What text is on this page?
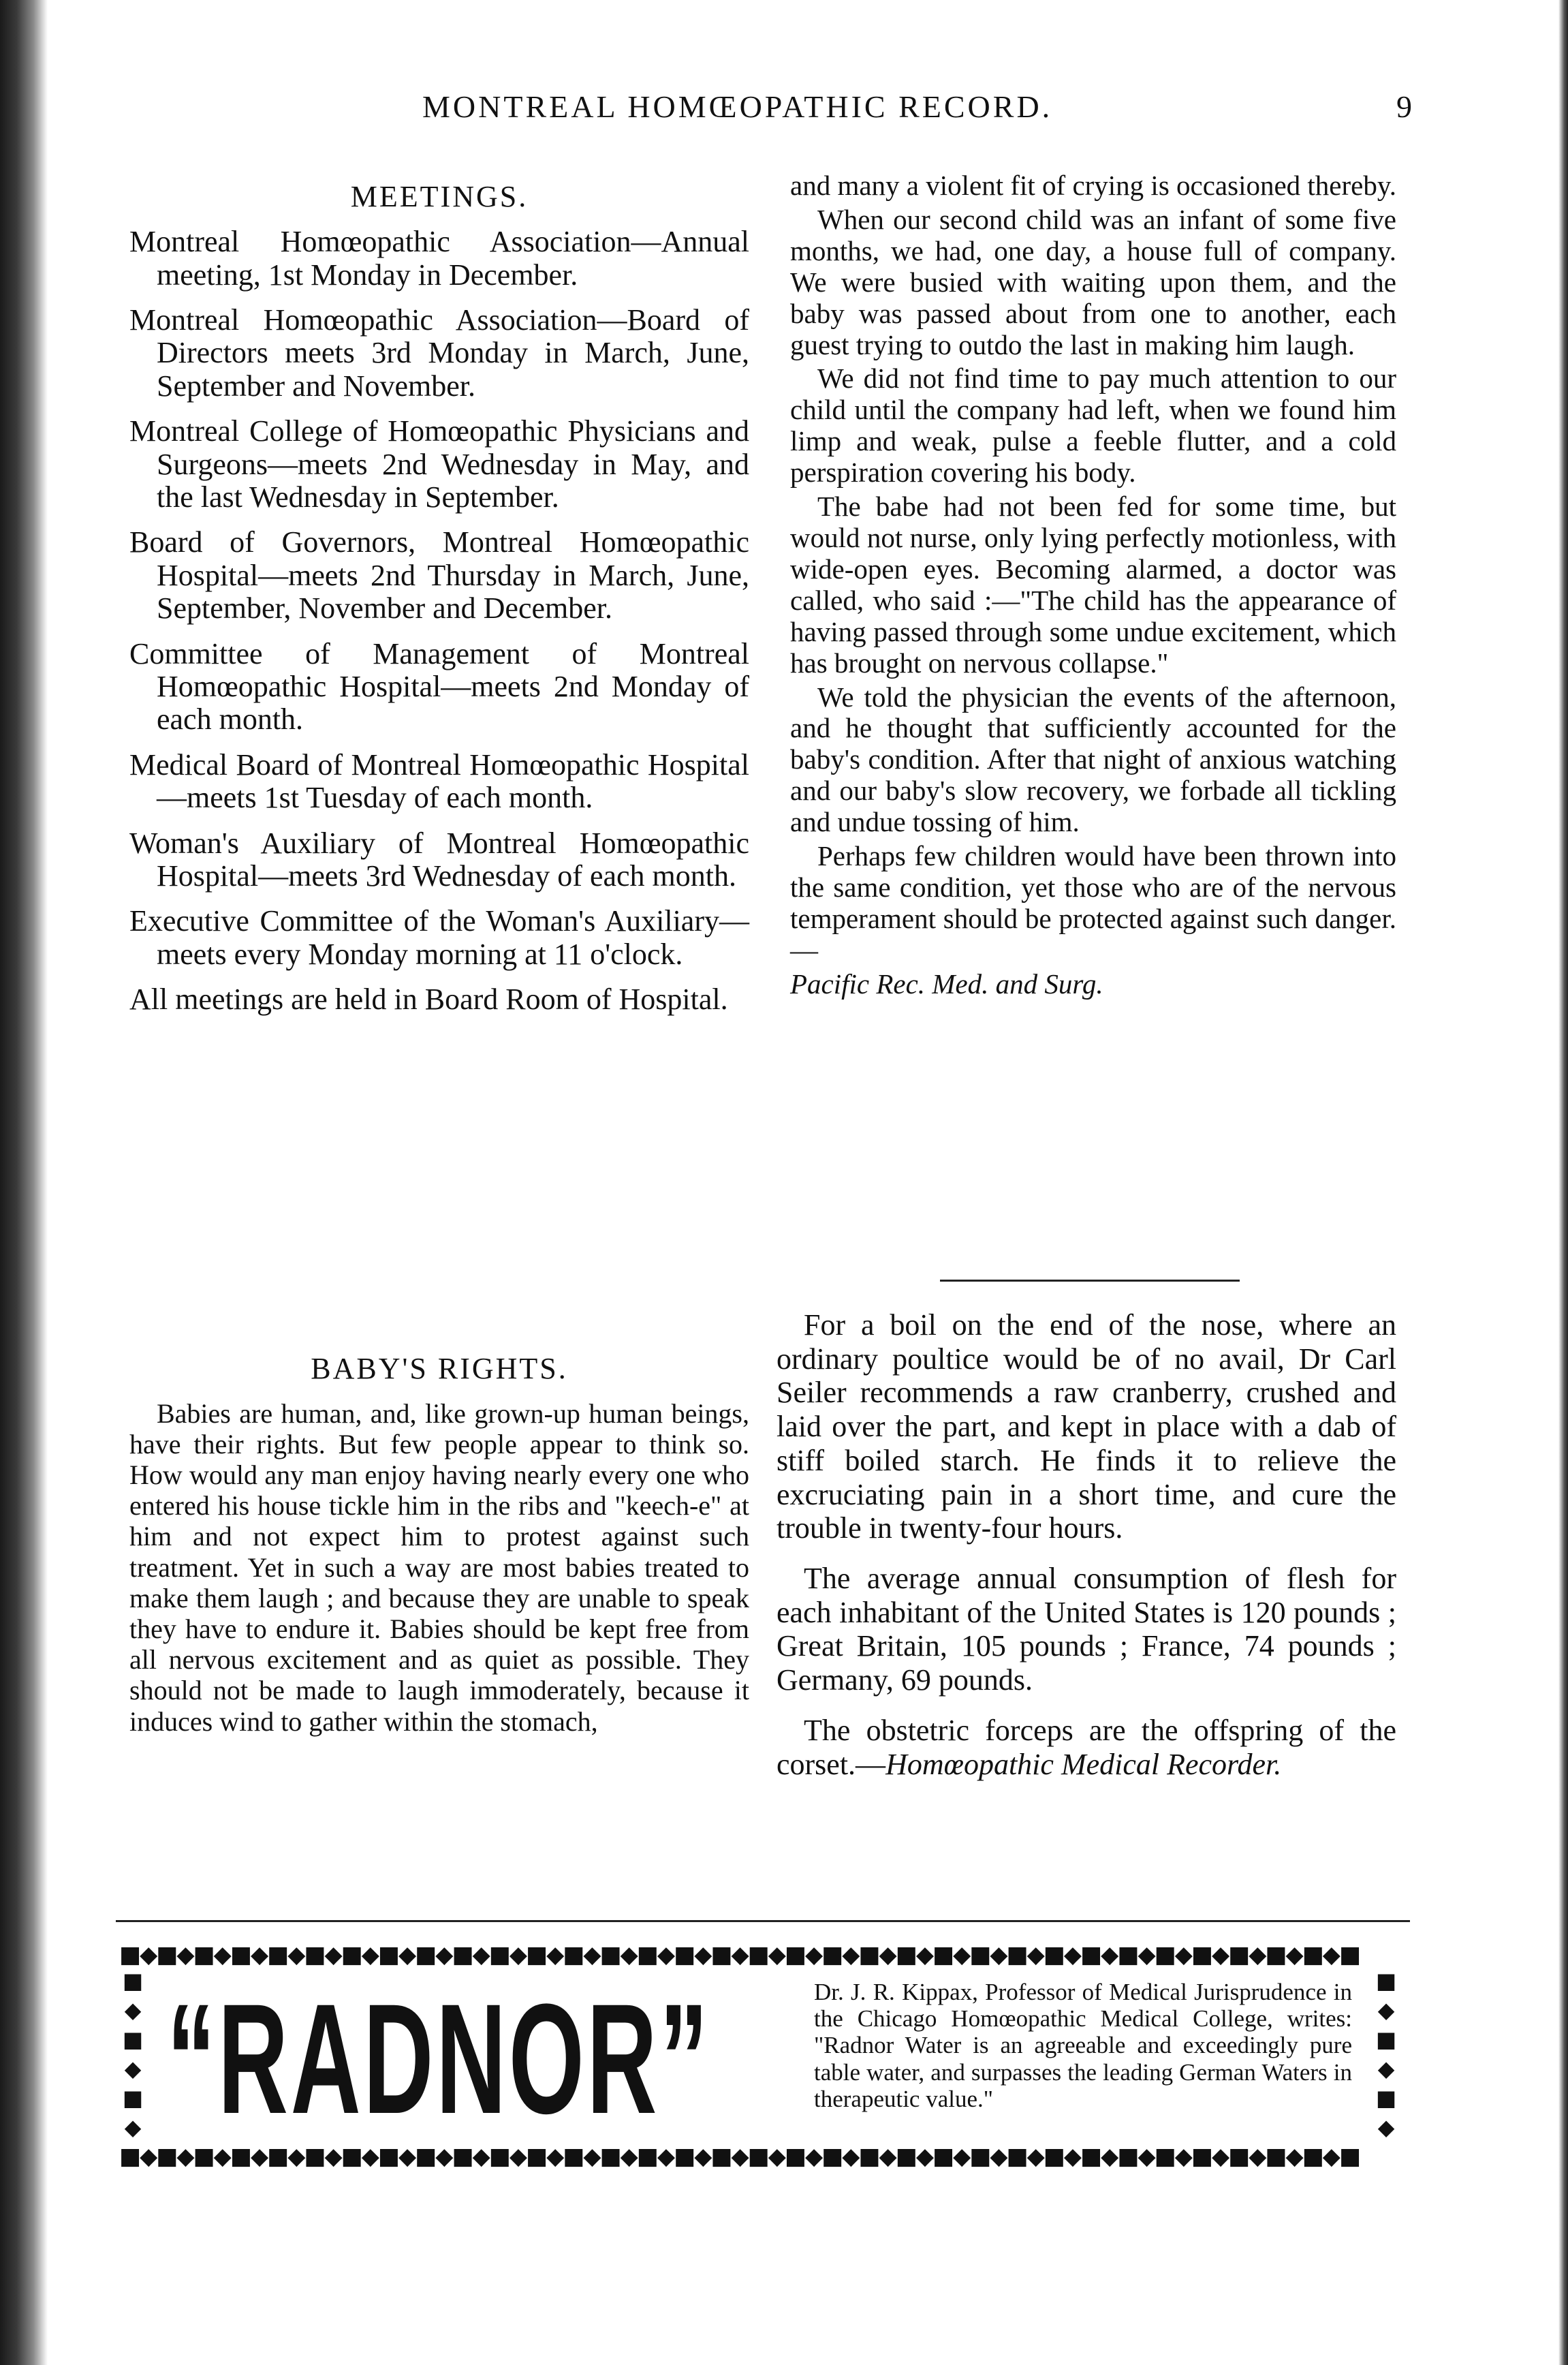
MONTREAL HOMŒOPATHIC RECORD.	9
MEETINGS.

Montreal Homœopathic Association—Annual meeting, 1st Monday in December.

Montreal Homœopathic Association—Board of Directors meets 3rd Monday in March, June, September and November.

Montreal College of Homœopathic Physicians and Surgeons—meets 2nd Wednesday in May, and the last Wednesday in September.

Board of Governors, Montreal Homœopathic Hospital—meets 2nd Thursday in March, June, September, November and December.

Committee of Management of Montreal Homœopathic Hospital—meets 2nd Monday of each month.

Medical Board of Montreal Homœopathic Hospital—meets 1st Tuesday of each month.

Woman's Auxiliary of Montreal Homœopathic Hospital—meets 3rd Wednesday of each month.

Executive Committee of the Woman's Auxiliary—meets every Monday morning at 11 o'clock.

All meetings are held in Board Room of Hospital.

BABY'S RIGHTS.

Babies are human, and, like grown-up human beings, have their rights. But few people appear to think so. How would any man enjoy having nearly every one who entered his house tickle him in the ribs and "keech-e" at him and not expect him to protest against such treatment. Yet in such a way are most babies treated to make them laugh ; and because they are unable to speak they have to endure it. Babies should be kept free from all nervous excitement and as quiet as possible. They should not be made to laugh immoderately, because it induces wind to gather within the stomach,

and many a violent fit of crying is occasioned thereby.

When our second child was an infant of some five months, we had, one day, a house full of company. We were busied with waiting upon them, and the baby was passed about from one to another, each guest trying to outdo the last in making him laugh.

We did not find time to pay much attention to our child until the company had left, when we found him limp and weak, pulse a feeble flutter, and a cold perspiration covering his body.

The babe had not been fed for some time, but would not nurse, only lying perfectly motionless, with wide-open eyes. Becoming alarmed, a doctor was called, who said :—"The child has the appearance of having passed through some undue excitement, which has brought on nervous collapse."

We told the physician the events of the afternoon, and he thought that sufficiently accounted for the baby's condition. After that night of anxious watching and our baby's slow recovery, we forbade all tickling and undue tossing of him.

Perhaps few children would have been thrown into the same condition, yet those who are of the nervous temperament should be protected against such danger.—

Pacific Rec. Med. and Surg.

For a boil on the end of the nose, where an ordinary poultice would be of no avail, Dr Carl Seiler recommends a raw cranberry, crushed and laid over the part, and kept in place with a dab of stiff boiled starch. He finds it to relieve the excruciating pain in a short time, and cure the trouble in twenty-four hours.

The average annual consumption of flesh for each inhabitant of the United States is 120 pounds ; Great Britain, 105 pounds ; France, 74 pounds ; Germany, 69 pounds.

The obstetric forceps are the offspring of the corset.—Homœopathic Medical Recorder.

■◆■◆■◆■◆■◆■◆■◆■◆■◆■◆■◆■◆■◆■◆■◆■◆■◆■◆■◆■◆■◆■◆■◆■◆■◆■◆■◆■◆■◆■◆■◆■◆■◆■
■◆■◆■◆■◆■◆■◆■◆■◆■◆■◆■◆■◆■◆■◆■◆■◆■◆■◆■◆■◆■◆■◆■◆■◆■◆■◆■◆■◆■◆■◆■◆■◆■◆■
■◆■◆■◆
■◆■◆■◆
“RADNOR”	Dr. J. R. Kippax, Professor of Medical Jurisprudence in the Chicago Homœopathic Medical College, writes: "Radnor Water is an agreeable and exceedingly pure table water, and surpasses the leading German Waters in therapeutic value."
